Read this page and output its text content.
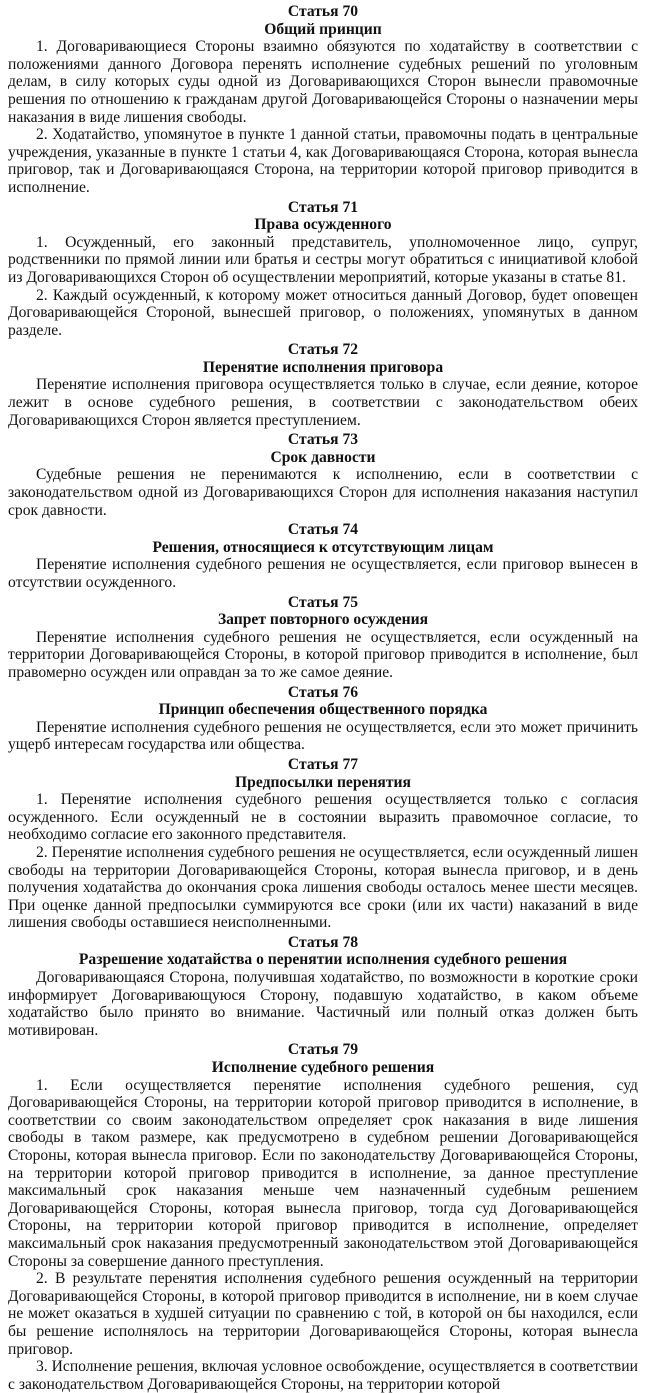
Статья 70

Общий принцип

1. Договаривающиеся Стороны взаимно обязуются по ходатайству в соответствии с положениями данного Договора перенять исполнение судебных решений по уголовным делам, в силу которых суды одной из Договаривающихся Сторон вынесли правомочные решения по отношению к гражданам другой Договаривающейся Стороны о назначении меры наказания в виде лишения свободы.

2. Ходатайство, упомянутое в пункте 1 данной статьи, правомочны подать в центральные учреждения, указанные в пункте 1 статьи 4, как Договаривающаяся Сторона, которая вынесла приговор, так и Договаривающаяся Сторона, на территории которой приговор приводится в исполнение.

Статья 71

Права осужденного

1. Осужденный, его законный представитель, уполномоченное лицо, супруг, родственники по прямой линии или братья и сестры могут обратиться с инициативой клобой из Договаривающихся Сторон об осуществлении мероприятий, которые указаны в статье 81.

2. Каждый осужденный, к которому может относиться данный Договор, будет оповещен Договаривающейся Стороной, вынесшей приговор, о положениях, упомянутых в данном разделе.

Статья 72

Перенятие исполнения приговора

Перенятие исполнения приговора осуществляется только в случае, если деяние, которое лежит в основе судебного решения, в соответствии с законодательством обеих Договаривающихся Сторон является преступлением.

Статья 73

Срок давности

Судебные решения не перенимаются к исполнению, если в соответствии с законодательством одной из Договаривающихся Сторон для исполнения наказания наступил срок давности.

Статья 74

Решения, относящиеся к отсутствующим лицам

Перенятие исполнения судебного решения не осуществляется, если приговор вынесен в отсутствии осужденного.

Статья 75

Запрет повторного осуждения

Перенятие исполнения судебного решения не осуществляется, если осужденный на территории Договаривающейся Стороны, в которой приговор приводится в исполнение, был правомерно осужден или оправдан за то же самое деяние.

Статья 76

Принцип обеспечения общественного порядка

Перенятие исполнения судебного решения не осуществляется, если это может причинить ущерб интересам государства или общества.

Статья 77

Предпосылки перенятия

1. Перенятие исполнения судебного решения осуществляется только с согласия осужденного. Если осужденный не в состоянии выразить правомочное согласие, то необходимо согласие его законного представителя.

2. Перенятие исполнения судебного решения не осуществляется, если осужденный лишен свободы на территории Договаривающейся Стороны, которая вынесла приговор, и в день получения ходатайства до окончания срока лишения свободы осталось менее шести месяцев. При оценке данной предпосылки суммируются все сроки (или их части) наказаний в виде лишения свободы оставшиеся неисполненными.

Статья 78

Разрешение ходатайства о перенятии исполнения судебного решения

Договаривающаяся Сторона, получившая ходатайство, по возможности в короткие сроки информирует Договаривающуюся Сторону, подавшую ходатайство, в каком объеме ходатайство было принято во внимание. Частичный или полный отказ должен быть мотивирован.

Статья 79

Исполнение судебного решения

1. Если осуществляется перенятие исполнения судебного решения, суд Договаривающейся Стороны, на территории которой приговор приводится в исполнение, в соответствии со своим законодательством определяет срок наказания в виде лишения свободы в таком размере, как предусмотрено в судебном решении Договаривающейся Стороны, которая вынесла приговор. Если по законодательству Договаривающейся Стороны, на территории которой приговор приводится в исполнение, за данное преступление максимальный срок наказания меньше чем назначенный судебным решением Договаривающейся Стороны, которая вынесла приговор, тогда суд Договаривающейся Стороны, на территории которой приговор приводится в исполнение, определяет максимальный срок наказания предусмотренный законодательством этой Договаривающейся Стороны за совершение данного преступления.

2. В результате перенятия исполнения судебного решения осужденный на территории Договаривающейся Стороны, в которой приговор приводится в исполнение, ни в коем случае не может оказаться в худшей ситуации по сравнению с той, в которой он бы находился, если бы решение исполнялось на территории Договаривающейся Стороны, которая вынесла приговор.

3. Исполнение решения, включая условное освобождение, осуществляется в соответствии с законодательством Договаривающейся Стороны, на территории которой
